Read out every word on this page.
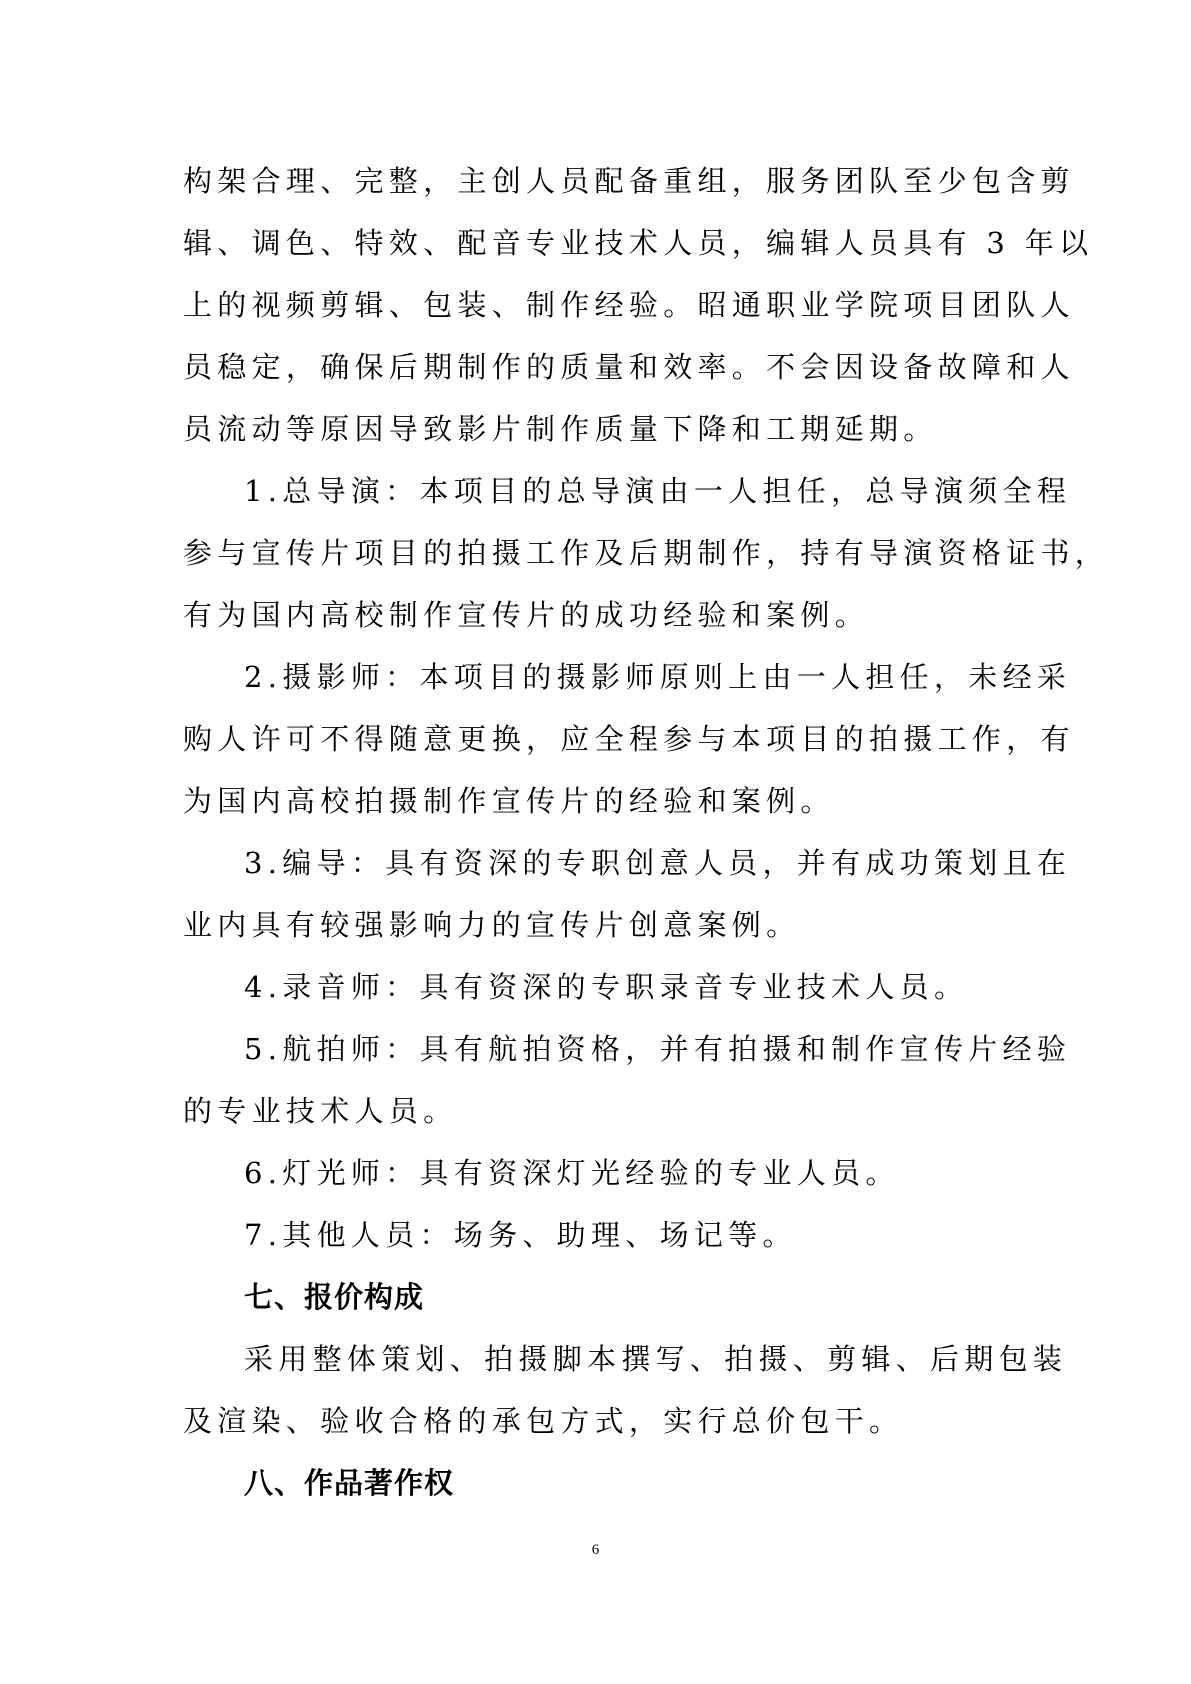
构架合理、完整，主创人员配备重组，服务团队至少包含剪
辑、调色、特效、配音专业技术人员，编辑人员具有 3 年以
上的视频剪辑、包装、制作经验。昭通职业学院项目团队人
员稳定，确保后期制作的质量和效率。不会因设备故障和人
员流动等原因导致影片制作质量下降和工期延期。
1.总导演：本项目的总导演由一人担任，总导演须全程
参与宣传片项目的拍摄工作及后期制作，持有导演资格证书，
有为国内高校制作宣传片的成功经验和案例。
2.摄影师：本项目的摄影师原则上由一人担任，未经采
购人许可不得随意更换，应全程参与本项目的拍摄工作，有
为国内高校拍摄制作宣传片的经验和案例。
3.编导：具有资深的专职创意人员，并有成功策划且在
业内具有较强影响力的宣传片创意案例。
4.录音师：具有资深的专职录音专业技术人员。
5.航拍师：具有航拍资格，并有拍摄和制作宣传片经验
的专业技术人员。
6.灯光师：具有资深灯光经验的专业人员。
7.其他人员：场务、助理、场记等。
七、报价构成
采用整体策划、拍摄脚本撰写、拍摄、剪辑、后期包装
及渲染、验收合格的承包方式，实行总价包干。
八、作品著作权
6
